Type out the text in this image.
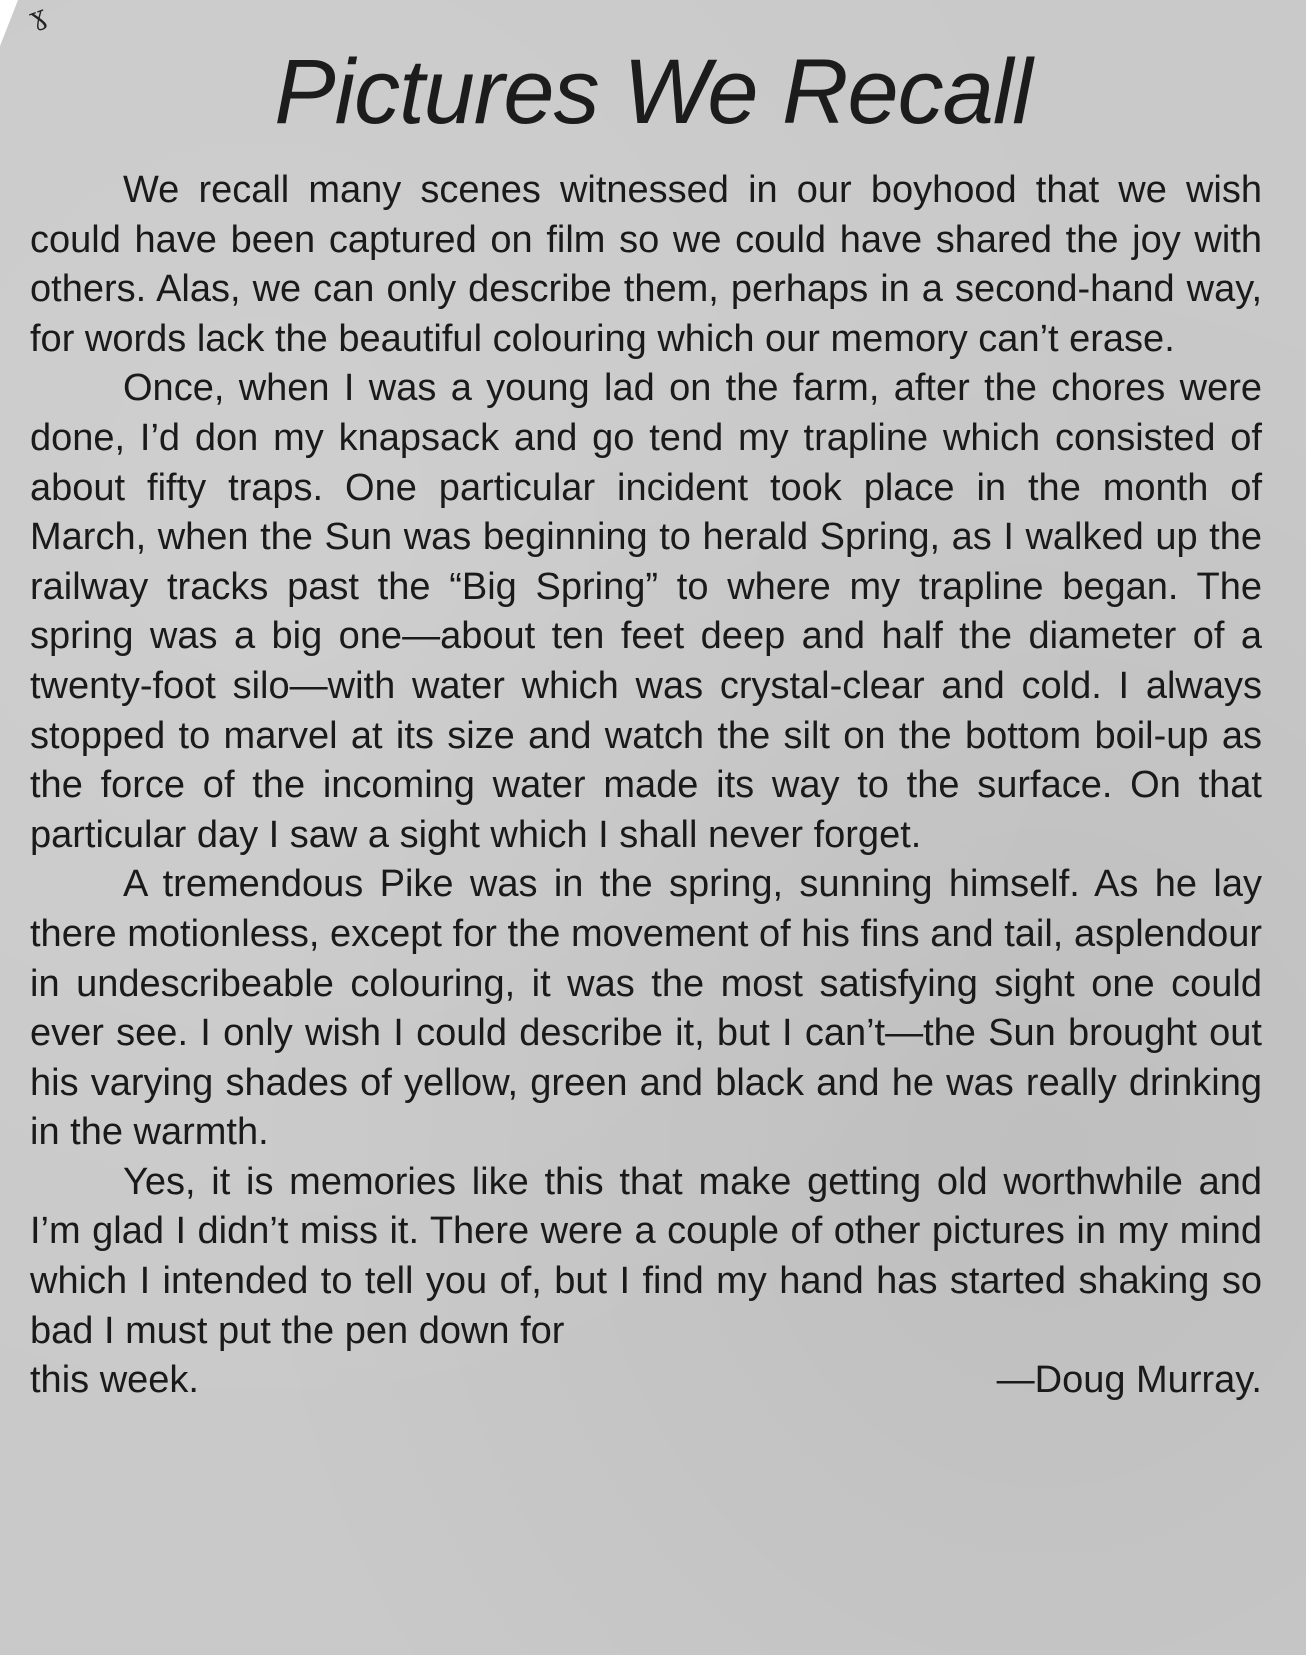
ɣ
Pictures We Recall

We recall many scenes witnessed in our boyhood that we wish could have been captured on film so we could have shared the joy with others. Alas, we can only describe them, perhaps in a second-hand way, for words lack the beautiful colouring which our memory can’t erase.

Once, when I was a young lad on the farm, after the chores were done, I’d don my knapsack and go tend my trapline which consisted of about fifty traps. One particular incident took place in the month of March, when the Sun was beginning to herald Spring, as I walked up the railway tracks past the “Big Spring” to where my trapline began. The spring was a big one—about ten feet deep and half the diameter of a twenty-foot silo—with water which was crystal-clear and cold. I always stopped to marvel at its size and watch the silt on the bottom boil-up as the force of the incoming water made its way to the surface. On that particular day I saw a sight which I shall never forget.

A tremendous Pike was in the spring, sunning himself. As he lay there motionless, except for the movement of his fins and tail, asplendour in undescribeable colouring, it was the most satisfying sight one could ever see. I only wish I could describe it, but I can’t—the Sun brought out his varying shades of yellow, green and black and he was really drinking in the warmth.

Yes, it is memories like this that make getting old worthwhile and I’m glad I didn’t miss it. There were a couple of other pictures in my mind which I intended to tell you of, but I find my hand has started shaking so bad I must put the pen down for

this week.	—Doug Murray.
